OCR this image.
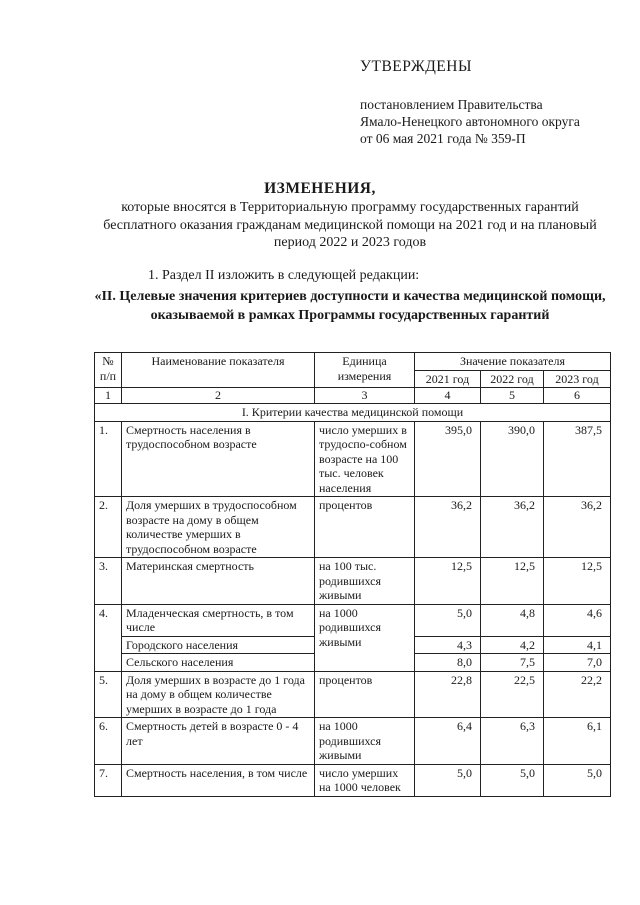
УТВЕРЖДЕНЫ
постановлением Правительства
Ямало-Ненецкого автономного округа
от 06 мая 2021 года № 359-П
ИЗМЕНЕНИЯ,
которые вносятся в Территориальную программу государственных гарантий бесплатного оказания гражданам медицинской помощи на 2021 год и на плановый период 2022 и 2023 годов
1. Раздел II изложить в следующей редакции:
«II. Целевые значения критериев доступности и качества медицинской помощи, оказываемой в рамках Программы государственных гарантий
№ п/п	Наименование показателя	Единица измерения	Значение показателя		
			2021 год	2022 год	2023 год
1	2	3	4	5	6
I. Критерии качества медицинской помощи					
1.	Смертность населения в трудоспособном возрасте	число умерших в трудоспо-собном возрасте на 100 тыс. человек населения	395,0	390,0	387,5
2.	Доля умерших в трудоспособном возрасте на дому в общем количестве умерших в трудоспособном возрасте	процентов	36,2	36,2	36,2
3.	Материнская смертность	на 100 тыс. родившихся живыми	12,5	12,5	12,5
4.	Младенческая смертность, в том числе	на 1000 родившихся живыми	5,0	4,8	4,6
	Городского населения		4,3	4,2	4,1
	Сельского населения		8,0	7,5	7,0
5.	Доля умерших в возрасте до 1 года на дому в общем количестве умерших в возрасте до 1 года	процентов	22,8	22,5	22,2
6.	Смертность детей в возрасте 0 - 4 лет	на 1000 родившихся живыми	6,4	6,3	6,1
7.	Смертность населения, в том числе	число умерших на 1000 человек	5,0	5,0	5,0
